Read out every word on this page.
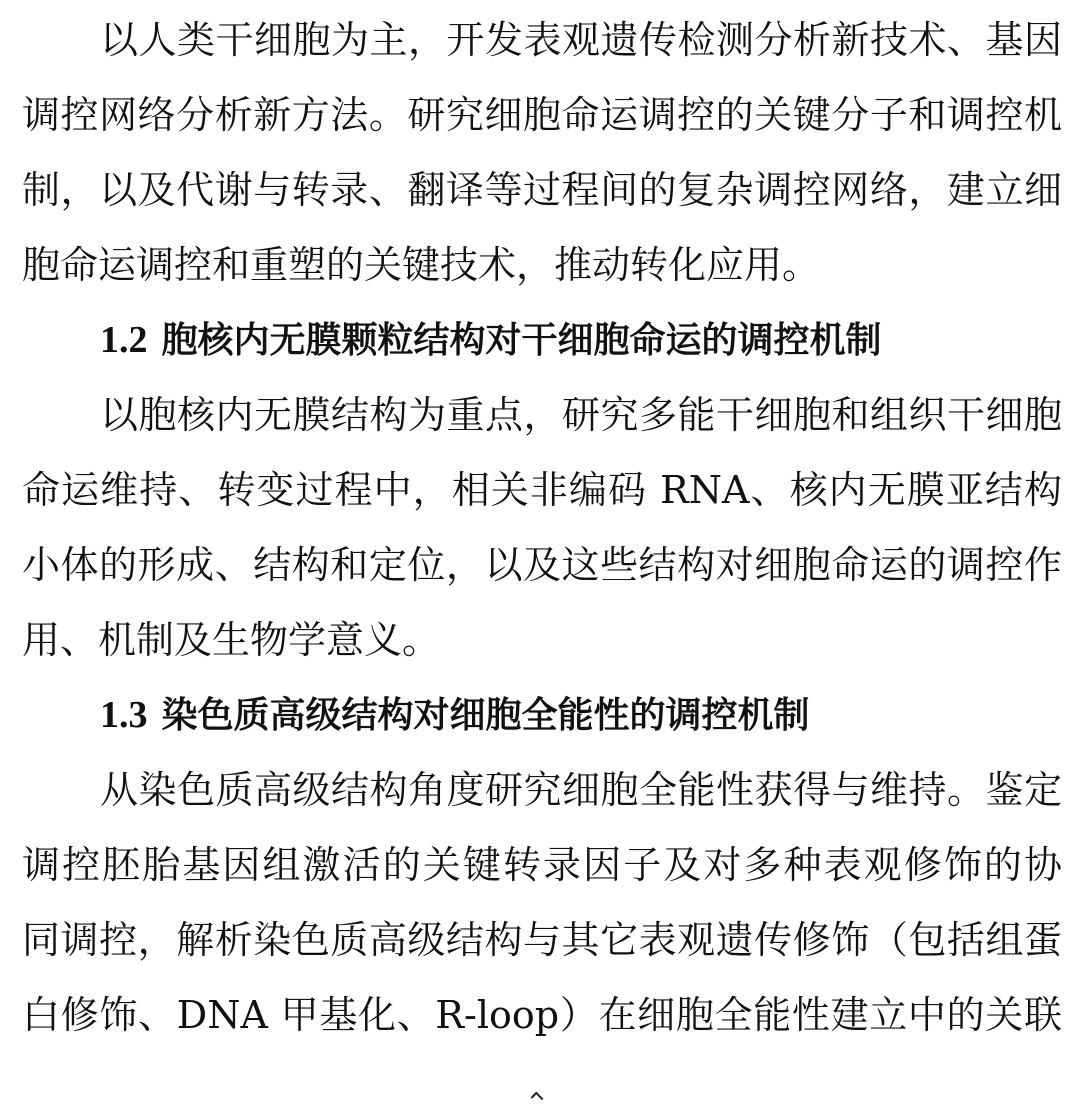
以人类干细胞为主，开发表观遗传检测分析新技术、基因
调控网络分析新方法。研究细胞命运调控的关键分子和调控机
制，以及代谢与转录、翻译等过程间的复杂调控网络，建立细
胞命运调控和重塑的关键技术，推动转化应用。
1.2 胞核内无膜颗粒结构对干细胞命运的调控机制
以胞核内无膜结构为重点，研究多能干细胞和组织干细胞
命运维持、转变过程中，相关非编码 RNA、核内无膜亚结构
小体的形成、结构和定位，以及这些结构对细胞命运的调控作
用、机制及生物学意义。
1.3 染色质高级结构对细胞全能性的调控机制
从染色质高级结构角度研究细胞全能性获得与维持。鉴定
调控胚胎基因组激活的关键转录因子及对多种表观修饰的协
同调控，解析染色质高级结构与其它表观遗传修饰（包括组蛋
白修饰、DNA 甲基化、R-loop）在细胞全能性建立中的关联
